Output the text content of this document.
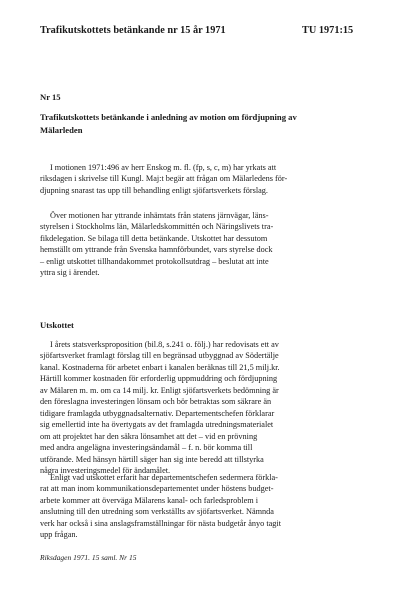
Trafikutskottets betänkande nr 15 år 1971	TU 1971:15
Nr 15
Trafikutskottets betänkande i anledning av motion om fördjupning av
Mälarleden
I motionen 1971:496 av herr Enskog m. fl. (fp, s, c, m) har yrkats att
riksdagen i skrivelse till Kungl. Maj:t begär att frågan om Mälarledens för-
djupning snarast tas upp till behandling enligt sjöfartsverkets förslag.
Över motionen har yttrande inhämtats från statens järnvägar, läns-
styrelsen i Stockholms län, Mälarledskommittén och Näringslivets tra-
fikdelegation. Se bilaga till detta betänkande. Utskottet har dessutom
hemställt om yttrande från Svenska hamnförbundet, vars styrelse dock
– enligt utskottet tillhandakommet protokollsutdrag – beslutat att inte
yttra sig i ärendet.
Utskottet
I årets statsverksproposition (bil.8, s.241 o. följ.) har redovisats ett av
sjöfartsverket framlagt förslag till en begränsad utbyggnad av Södertälje
kanal. Kostnaderna för arbetet enbart i kanalen beräknas till 21,5 milj.kr.
Härtill kommer kostnaden för erforderlig uppmuddring och fördjupning
av Mälaren m. m. om ca 14 milj. kr. Enligt sjöfartsverkets bedömning är
den föreslagna investeringen lönsam och bör betraktas som säkrare än
tidigare framlagda utbyggnadsalternativ. Departementschefen förklarar
sig emellertid inte ha övertygats av det framlagda utredningsmaterialet
om att projektet har den säkra lönsamhet att det – vid en prövning
med andra angelägna investeringsändamål – f. n. bör komma till
utförande. Med hänsyn härtill säger han sig inte beredd att tillstyrka
några investeringsmedel för ändamålet.
Enligt vad utskottet erfarit har departementschefen sedermera förkla-
rat att man inom kommunikationsdepartementet under höstens budget-
arbete kommer att överväga Mälarens kanal- och farledsproblem i
anslutning till den utredning som verkställts av sjöfartsverket. Nämnda
verk har också i sina anslagsframställningar för nästa budgetår ånyo tagit
upp frågan.
Riksdagen 1971. 15 saml. Nr 15
